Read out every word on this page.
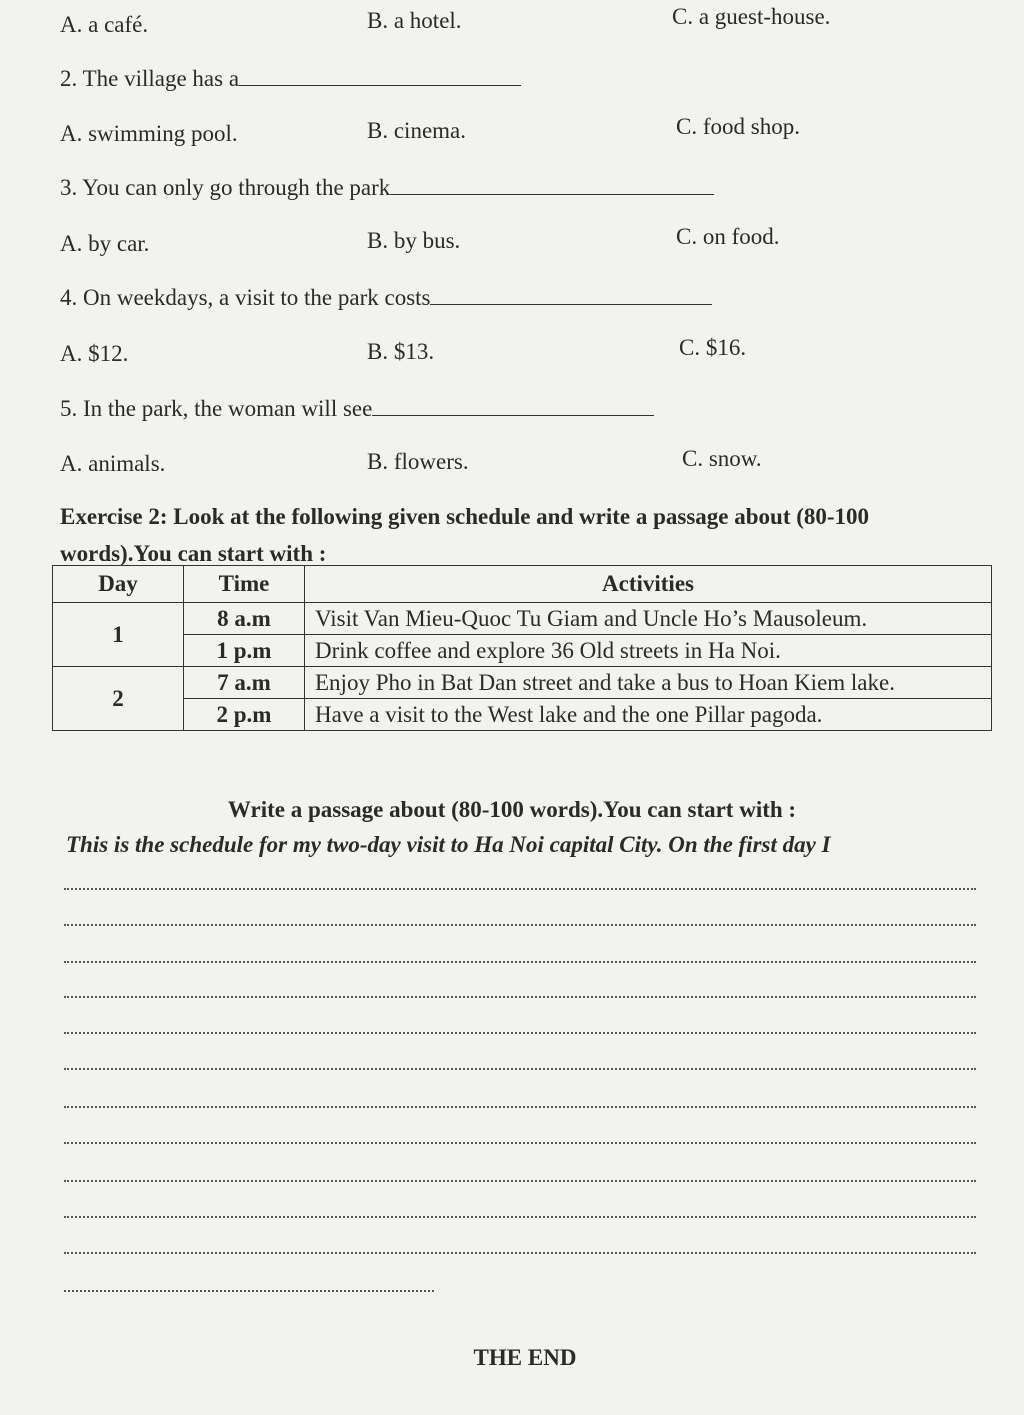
A. a café.	B. a hotel.	C. a guest-house.
2. The village has a
A. swimming pool.	B. cinema.	C. food shop.
3. You can only go through the park
A. by car.	B. by bus.	C. on food.
4. On weekdays, a visit to the park costs
A. $12.	B. $13.	C. $16.
5. In the park, the woman will see
A. animals.	B. flowers.	C. snow.
Exercise 2: Look at the following given schedule and write a passage about (80-100 words).You can start with :
Day	Time	Activities
1	8 a.m	Visit Van Mieu-Quoc Tu Giam and Uncle Ho’s Mausoleum.
	1 p.m	Drink coffee and explore 36 Old streets in Ha Noi.
2	7 a.m	Enjoy Pho in Bat Dan street and take a bus to Hoan Kiem lake.
	2 p.m	Have a visit to the West lake and the one Pillar pagoda.
Write a passage about (80-100 words).You can start with :
This is the schedule for my two-day visit to Ha Noi capital City. On the first day I
THE END
